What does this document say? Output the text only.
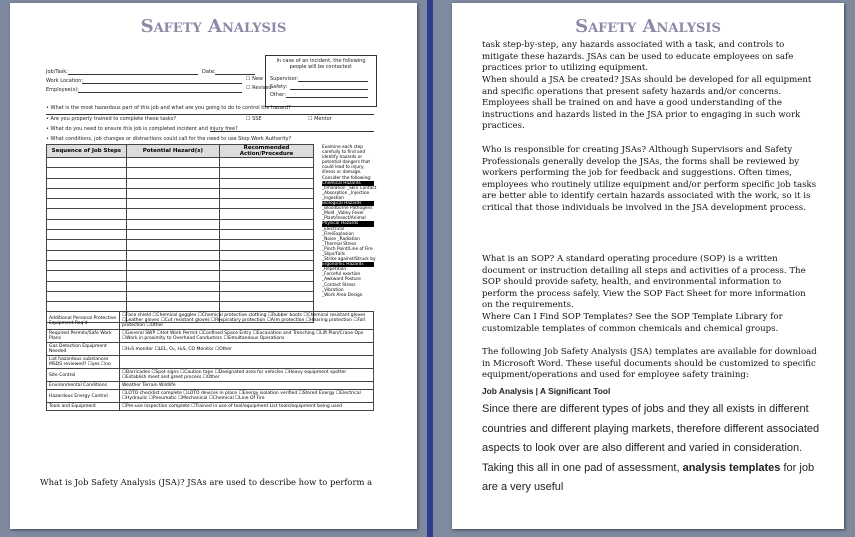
Safety Analysis
In case of an incident, the following people will be contacted:
Supervisor:
Safety:
Other:
Job/Task:	Date:
Work Location:	☐ New
Employee(s):	☐ Revised
• What is the most hazardous part of this job and what are you going to do to control the hazard?
• Are you properly trained to complete these tasks?	☐ SSE	☐ Mentor
• What do you need to ensure this job is completed incident and injury free?
• What conditions, job changes or distractions could call for the need to use Stop Work Authority?
Sequence of Job Steps	Potential Hazard(s)	Recommended Action/Procedure

Examine each step
carefully to find and
identify hazards or
potential dangers that
could lead to injury,
illness or damage.
Consider the following:
Chemical Hazards
_Inhalation _Skin Contact
_Absorption _Injection
_Ingestion
Biological Hazards
_Bloodborne Pathogens
_Mold _Valley Fever
_Plant/Insect/Animal
Physical Hazards
_Electrical
_Fire/Explosion
_Noise _Radiation
_Thermal Stress
_Pinch Point/Line of Fire
_Slips/Falls
_Strike against/Struck by
Ergonomic Hazards
_Repetition
_Forceful exertion
_Awkward Posture
_Contact Stress
_Vibration
_Work Area Design
Additional Personal Protective Equipment Req'd	☐Face shield ☐Chemical goggles ☐Chemical protective clothing ☐Rubber boots ☐Chemical resistant gloves ☐Leather gloves ☐Cut resistant gloves ☐Respiratory protection ☐Arm protection ☐Hearing protection ☐Fall protection ☐Other
Required Permits/Safe Work Plans	☐General SWP ☐Hot Work Permit ☐Confined Space Entry ☐Excavation and Trenching ☐Lift Plan/Crane Ops ☐Work in proximity to Overhead Conductors ☐Simultaneous Operations
Gas Detection Equipment Needed	☐H₂S monitor ☐LEL, O₂, H₂S, CO Monitor ☐Other
List hazardous substances MSDS reviewed? ☐yes ☐no	
Site Control	☐Barricades ☐Spot signs ☐Caution tape ☐Designated area for vehicles ☐Heavy equipment spotter ☐Establish meet and greet process ☐Other
Environmental Conditions	Weather Terrain Wildlife
Hazardous Energy Control	☐LOTO checklist complete ☐LOTO devices in place ☐Energy isolation verified ☐Stored Energy ☐Electrical ☐Hydraulic ☐Pneumatic ☐Mechanical ☐Chemical ☐Line Of Fire
Tools and Equipment	☐Pre-use inspection complete ☐Trained in use of tool/equipment List tools/equipment being used
What is Job Safety Analysis (JSA)? JSAs are used to describe how to perform a
Safety Analysis
task step-by-step, any hazards associated with a task, and controls to mitigate these hazards. JSAs can be used to educate employees on safe practices prior to utilizing equipment.
When should a JSA be created? JSAs should be developed for all equipment and specific operations that present safety hazards and/or concerns. Employees shall be trained on and have a good understanding of the instructions and hazards listed in the JSA prior to engaging in such work practices.
Who is responsible for creating JSAs? Although Supervisors and Safety Professionals generally develop the JSAs, the forms shall be reviewed by workers performing the job for feedback and suggestions. Often times, employees who routinely utilize equipment and/or perform specific job tasks are better able to identify certain hazards associated with the work, so it is critical that those individuals be involved in the JSA development process.
What is an SOP? A standard operating procedure (SOP) is a written document or instruction detailing all steps and activities of a process. The SOP should provide safety, health, and environmental information to perform the process safely. View the SOP Fact Sheet for more information on the requirements.
Where Can I Find SOP Templates? See the SOP Template Library for customizable templates of common chemicals and chemical groups.
The following Job Safety Analysis (JSA) templates are available for download in Microsoft Word. These useful documents should be customized to specific equipment/operations and used for employee safety training:
Job Analysis | A Significant Tool
Since there are different types of jobs and they all exists in different countries and different playing markets, therefore different associated aspects to look over are also different and varied in consideration. Taking this all in one pad of assessment, analysis templates for job are a very useful
